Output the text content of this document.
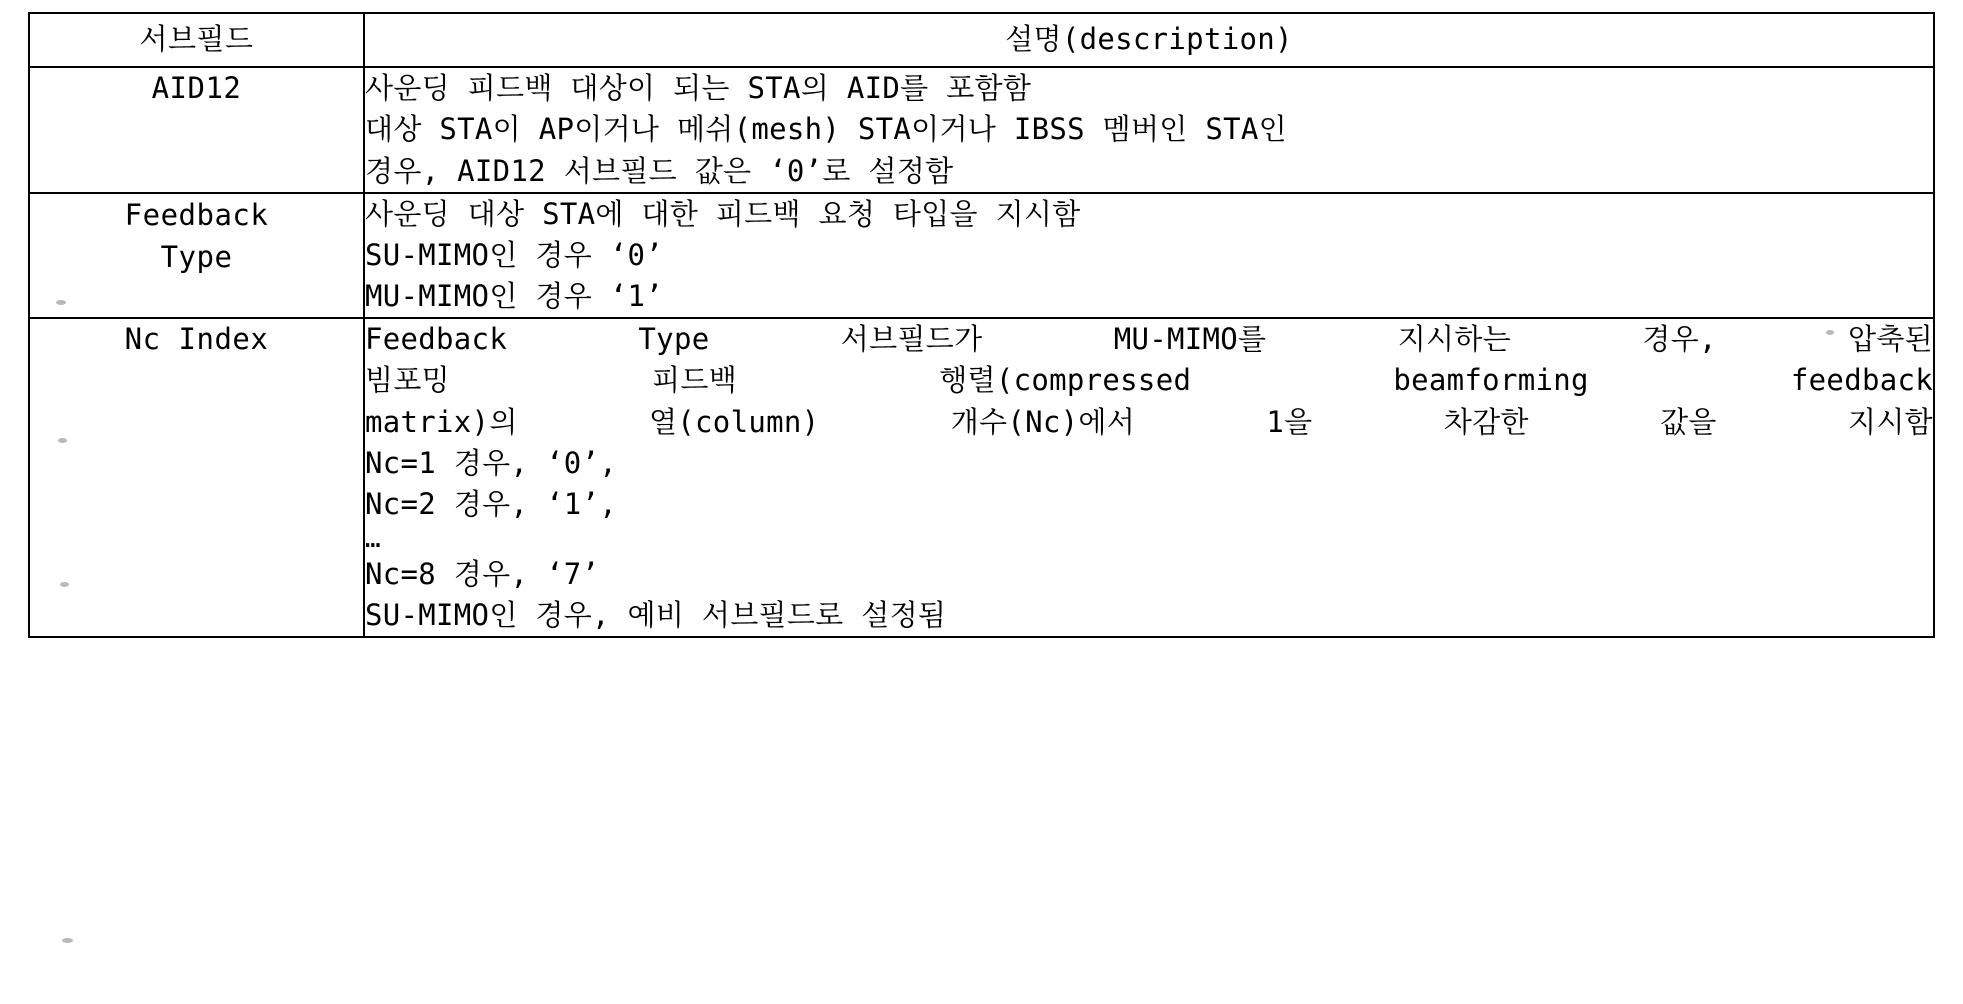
서브필드	설명(description)
AID12	사운딩 피드백 대상이 되는 STA의 AID를 포함함
대상 STA이 AP이거나 메쉬(mesh) STA이거나 IBSS 멤버인 STA인
경우, AID12 서브필드 값은 ‘0’로 설정함

Feedback
Type	사운딩 대상 STA에 대한 피드백 요청 타입을 지시함
SU-MIMO인 경우 ‘0’
MU-MIMO인 경우 ‘1’

Nc Index	Feedback Type 서브필드가 MU-MIMO를 지시하는 경우, 압축된
빔포밍 피드백 행렬(compressed beamforming feedback
matrix)의 열(column) 개수(Nc)에서 1을 차감한 값을 지시함
Nc=1 경우, ‘0’,
Nc=2 경우, ‘1’,
…
Nc=8 경우, ‘7’
SU-MIMO인 경우, 예비 서브필드로 설정됨
